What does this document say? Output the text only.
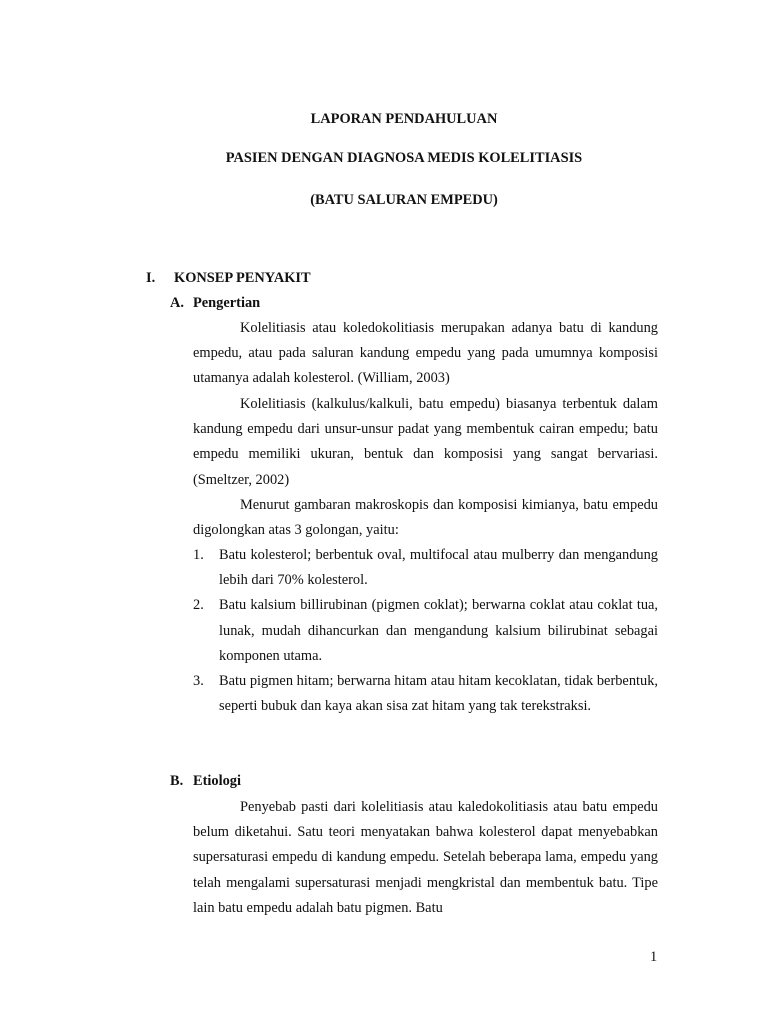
LAPORAN PENDAHULUAN
PASIEN DENGAN DIAGNOSA MEDIS KOLELITIASIS
(BATU SALURAN EMPEDU)
I. KONSEP PENYAKIT
A. Pengertian

Kolelitiasis atau koledokolitiasis merupakan adanya batu di kandung empedu, atau pada saluran kandung empedu yang pada umumnya komposisi utamanya adalah kolesterol. (William, 2003)

Kolelitiasis (kalkulus/kalkuli, batu empedu) biasanya terbentuk dalam kandung empedu dari unsur-unsur padat yang membentuk cairan empedu; batu empedu memiliki ukuran, bentuk dan komposisi yang sangat bervariasi. (Smeltzer, 2002)

Menurut gambaran makroskopis dan komposisi kimianya, batu empedu digolongkan atas 3 golongan, yaitu:

1.	Batu kolesterol; berbentuk oval, multifocal atau mulberry dan mengandung lebih dari 70% kolesterol.
2.	Batu kalsium billirubinan (pigmen coklat); berwarna coklat atau coklat tua, lunak, mudah dihancurkan dan mengandung kalsium bilirubinat sebagai komponen utama.
3.	Batu pigmen hitam; berwarna hitam atau hitam kecoklatan, tidak berbentuk, seperti bubuk dan kaya akan sisa zat hitam yang tak terekstraksi.
B. Etiologi

Penyebab pasti dari kolelitiasis atau kaledokolitiasis atau batu empedu belum diketahui. Satu teori menyatakan bahwa kolesterol dapat menyebabkan supersaturasi empedu di kandung empedu. Setelah beberapa lama, empedu yang telah mengalami supersaturasi menjadi mengkristal dan membentuk batu. Tipe lain batu empedu adalah batu pigmen. Batu

1
